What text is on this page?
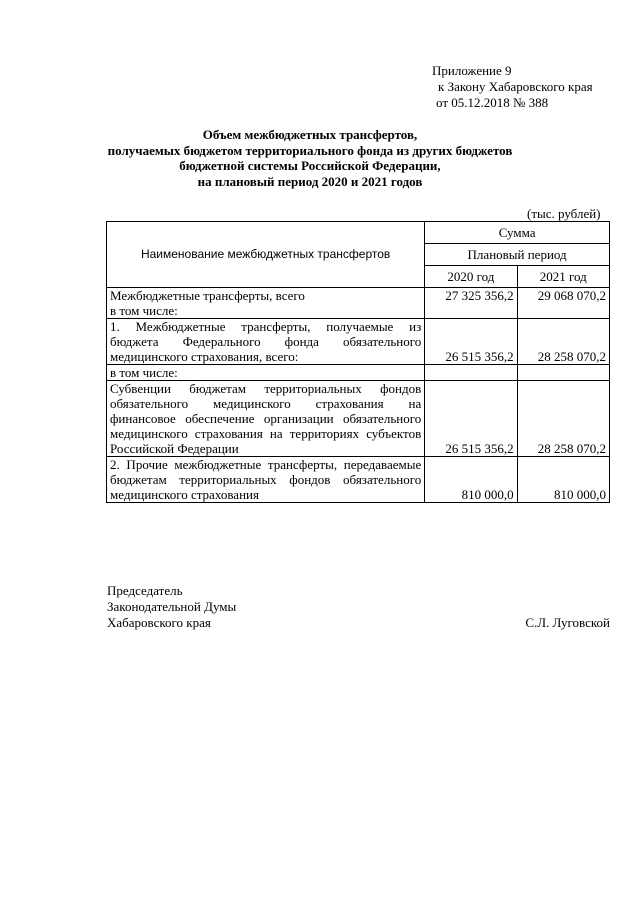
Приложение 9
к Закону Хабаровского края
от 05.12.2018 № 388
Объем межбюджетных трансфертов,
получаемых бюджетом территориального фонда из других бюджетов
бюджетной системы Российской Федерации,
на плановый период 2020 и 2021 годов
(тыс. рублей)
Наименование межбюджетных трансфертов	Сумма	
	Плановый период	
	2020 год	2021 год
Межбюджетные трансферты, всего
в том числе:	27 325 356,2	29 068 070,2
1. Межбюджетные трансферты, получаемые из бюджета Федерального фонда обязательного медицинского страхования, всего:	26 515 356,2	28 258 070,2
в том числе:		
Субвенции бюджетам территориальных фондов обязательного медицинского страхования на финансовое обеспечение организации обязательного медицинского страхования на территориях субъектов Российской Федерации	26 515 356,2	28 258 070,2
2. Прочие межбюджетные трансферты, передаваемые бюджетам территориальных фондов обязательного медицинского страхования	810 000,0	810 000,0
Председатель
Законодательной Думы
Хабаровского края	С.Л. Луговской
